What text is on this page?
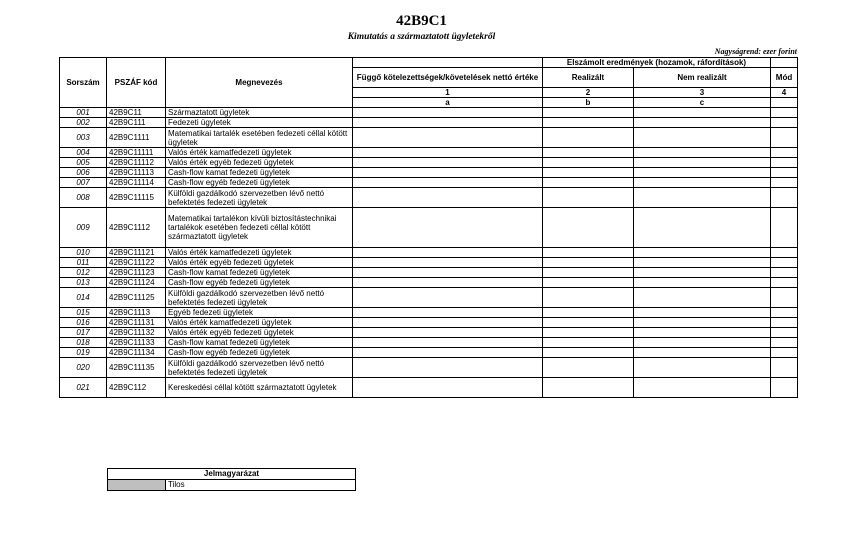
42B9C1
Kimutatás a származtatott ügyletekről
Nagyságrend: ezer forint
Sorszám	PSZÁF kód	Megnevezés		Elszámolt eredmények (hozamok, ráfordítások)		
			Függő kötelezettségek/követelések nettó értéke	Realizált	Nem realizált	Mód
			1	2	3	4
			a	b	c	
001	42B9C11	Származtatott ügyletek				
002	42B9C111	Fedezeti ügyletek				
003	42B9C1111	Matematikai tartalék esetében fedezeti céllal kötött ügyletek				
004	42B9C11111	Valós érték kamatfedezeti ügyletek				
005	42B9C11112	Valós érték egyéb fedezeti ügyletek				
006	42B9C11113	Cash-flow kamat fedezeti ügyletek				
007	42B9C11114	Cash-flow egyéb fedezeti ügyletek				
008	42B9C11115	Külföldi gazdálkodó szervezetben lévő nettó befektetés fedezeti ügyletek				
009	42B9C1112	Matematikai tartalékon kívüli biztosítástechnikai tartalékok esetében fedezeti céllal kötött származtatott ügyletek				
010	42B9C11121	Valós érték kamatfedezeti ügyletek				
011	42B9C11122	Valós érték egyéb fedezeti ügyletek				
012	42B9C11123	Cash-flow kamat fedezeti ügyletek				
013	42B9C11124	Cash-flow egyéb fedezeti ügyletek				
014	42B9C11125	Külföldi gazdálkodó szervezetben lévő nettó befektetés fedezeti ügyletek				
015	42B9C1113	Egyéb fedezeti ügyletek				
016	42B9C11131	Valós érték kamatfedezeti ügyletek				
017	42B9C11132	Valós érték egyéb fedezeti ügyletek				
018	42B9C11133	Cash-flow kamat fedezeti ügyletek				
019	42B9C11134	Cash-flow egyéb fedezeti ügyletek				
020	42B9C11135	Külföldi gazdálkodó szervezetben lévő nettó befektetés fedezeti ügyletek				
021	42B9C112	Kereskedési céllal kötött származtatott ügyletek				
Jelmagyarázat
	Tilos
